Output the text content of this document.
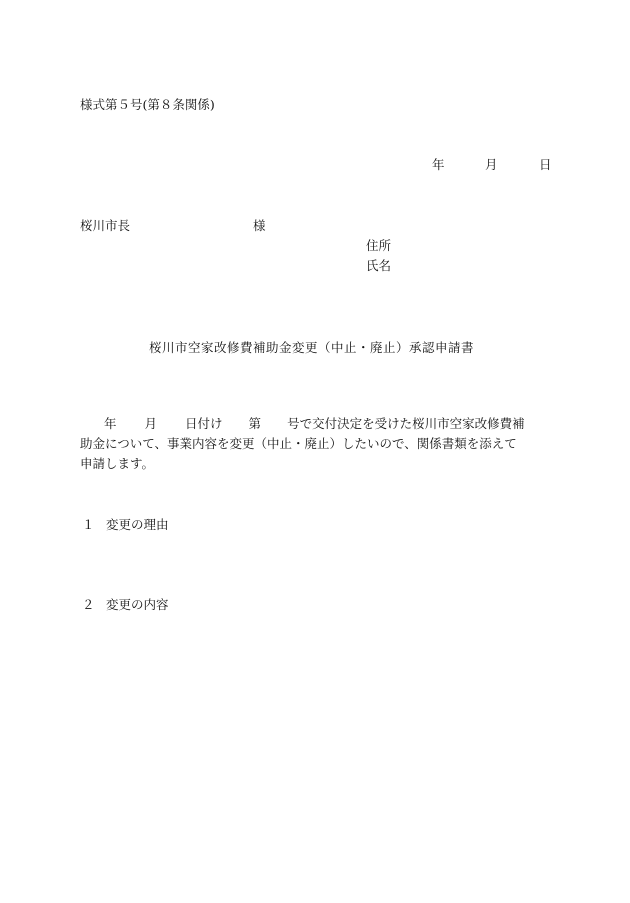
様式第５号(第８条関係)
年	月	日
桜川市長	様
住所
氏名
桜川市空家改修費補助金変更（中止・廃止）承認申請書
年 月 日付け 第 号で交付決定を受けた桜川市空家改修費補
助金について、事業内容を変更（中止・廃止）したいので、関係書類を添えて
申請します。
１ 変更の理由
２ 変更の内容
